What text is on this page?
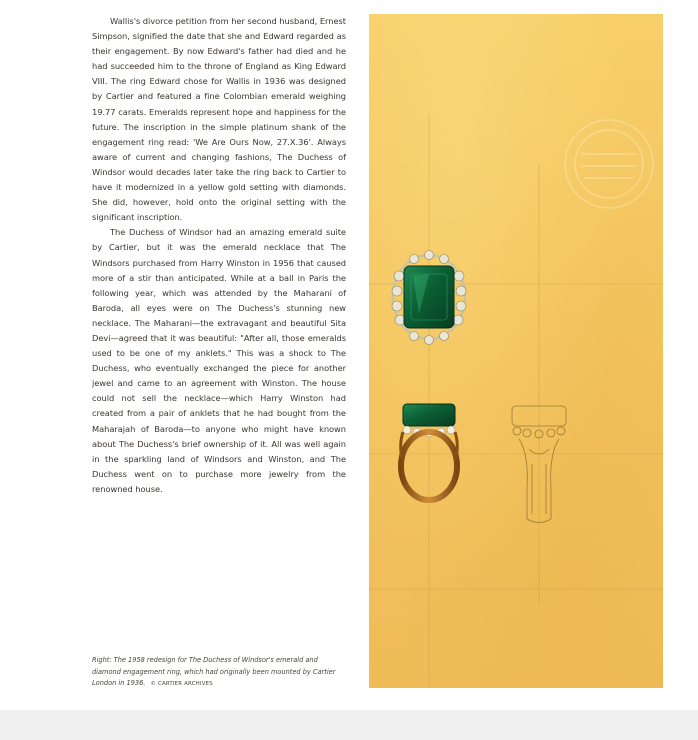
Wallis's divorce petition from her second husband, Ernest Simpson, signified the date that she and Edward regarded as their engagement. By now Edward's father had died and he had succeeded him to the throne of England as King Edward VIII. The ring Edward chose for Wallis in 1936 was designed by Cartier and featured a fine Colombian emerald weighing 19.77 carats. Emeralds represent hope and happiness for the future. The inscription in the simple platinum shank of the engagement ring read: 'We Are Ours Now, 27.X.36'. Always aware of current and changing fashions, The Duchess of Windsor would decades later take the ring back to Cartier to have it modernized in a yellow gold setting with diamonds. She did, however, hold onto the original setting with the significant inscription.

The Duchess of Windsor had an amazing emerald suite by Cartier, but it was the emerald necklace that The Windsors purchased from Harry Winston in 1956 that caused more of a stir than anticipated. While at a ball in Paris the following year, which was attended by the Maharani of Baroda, all eyes were on The Duchess's stunning new necklace. The Maharani—the extravagant and beautiful Sita Devi—agreed that it was beautiful: "After all, those emeralds used to be one of my anklets." This was a shock to The Duchess, who eventually exchanged the piece for another jewel and came to an agreement with Winston. The house could not sell the necklace—which Harry Winston had created from a pair of anklets that he had bought from the Maharajah of Baroda—to anyone who might have known about The Duchess's brief ownership of it. All was well again in the sparkling land of Windsors and Winston, and The Duchess went on to purchase more jewelry from the renowned house.

Right: The 1958 redesign for The Duchess of Windsor's emerald and diamond engagement ring, which had originally been mounted by Cartier London in 1936. © CARTIER ARCHIVES
